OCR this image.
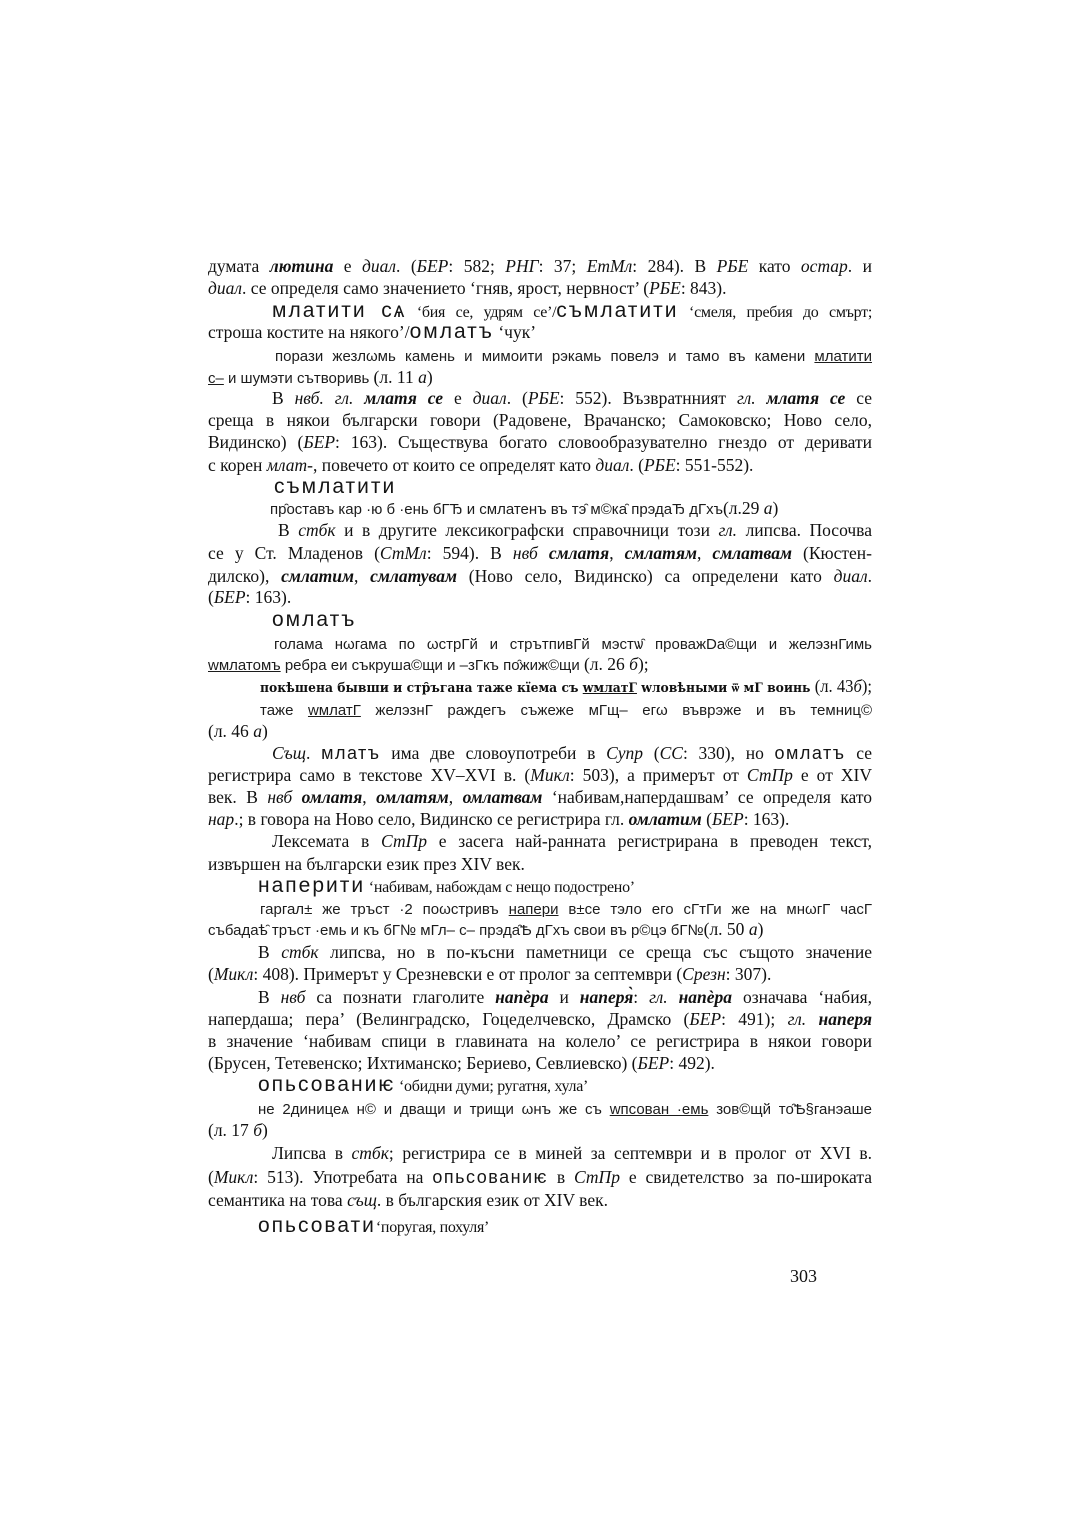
думата лютина е диал. (БЕР: 582; РНГ: 37; ЕтМл: 284). В РБЕ като остар. и
диал. се определя само значението ‘гняв, ярост, нервност’ (РБЕ: 843).
млатити сѧ ‘бия се, удрям се’/съмлатити ‘смеля, пребия до смърт;
строша костите на някого’/омлатъ ‘чук’
порази жезлωмь камень и мимоити рэкамь повелэ и тамо въ камени млатити
с– и шумэти сътворивь (л. 11 а)
В нвб. гл. млатя се е диал. (РБЕ: 552). Възвратнният гл. млатя се се
среща в някои български говори (Радовене, Врачанско; Самоковско; Ново село,
Видинско) (БЕР: 163). Съществува богато словообразувателно гнездо от деривати
с корен млат-, повечето от които се определят като диал. (РБЕ: 551-552).
съмлатити
пр̑оставъ кар ·ю б ·ень бГЂ и смлатенъ въ тэ̑ м©ка̑ прэдаЂ дГхъ(л.29 а)
В стбк и в другите лексикографски справочници този гл. липсва. Посочва
се у Ст. Младенов (СтМл: 594). В нвб смлатя, смлатям, смлатвам (Кюстен-
дилско), смлатим, смлатувам (Ново село, Видинско) са определени като диал.
(БЕР: 163).
омлатъ
голама нωгама по ωстрГй и стрътпивГй мэстѡ̑ проважDа©щи и желэзнГимь
wмлатомъ ребра еи съкруша©щи и –зГкъ по̑жиж©щи (л. 26 б);
покѣшена бывши и стр̑ъгана таже кїема съ wмлатГ wловѣными ѿ мГ воинь (л. 43б);
таже wмлатГ желэзнГ раждегъ съжеже мГщ– егω въврэже и въ темниц©
(л. 46 а)
Същ. млатъ има две словоупотреби в Супр (СС: 330), но омлатъ се
регистрира само в текстове XV–XVI в. (Микл: 503), а примерът от СтПр е от XIV
век. В нвб омлатя, омлатям, омлатвам ‘набивам,напердашвам’ се определя като
нар.; в говора на Ново село, Видинско се регистрира гл. омлатим (БЕР: 163).
Лексемата в СтПр е засега най-ранната регистрирана в преводен текст,
извършен на български език през XIV век.
наперити ‘набивам, набождам с нещо подострено’
гаргал± же тръст ·2 поωстривъ напери в±се тэло его сГтГи же на мнωгГ часГ
събадаѣ̑ тръст ·емь и къ бГ№ мГл– с– прэда̑Ѣ дГхъ свои въ р©цэ бГ№(л. 50 а)
В стбк липсва, но в по-късни паметници се среща със същото значение
(Микл: 408). Примерът у Срезневски е от пролог за септември (Срезн: 307).
В нвб са познати глаголите напèра и наперя̀: гл. напèра означава ‘набия,
напердаша; пера’ (Велинградско, Гоцеделчевско, Драмско (БЕР: 491); гл. наперя
в значение ‘набивам спици в главината на колело’ се регистрира в някои говори
(Брусен, Тетевенско; Ихтиманско; Бериево, Севлиевско) (БЕР: 492).
опьсованиѥ ‘обидни думи; ругатня, хула’
не 2диницеѧ н© и дващи и трищи ωнъ же съ wпсован ·емь зов©щй то̑Ѣ§ганэаше
(л. 17 б)
Липсва в стбк; регистрира се в миней за септември и в пролог от XVI в.
(Микл: 513). Употребата на опьсованиѥ в СтПр е свидетелство за по-широката
семантика на това същ. в българския език от XIV век.
опьсовати‘поругая, похуля’
303
